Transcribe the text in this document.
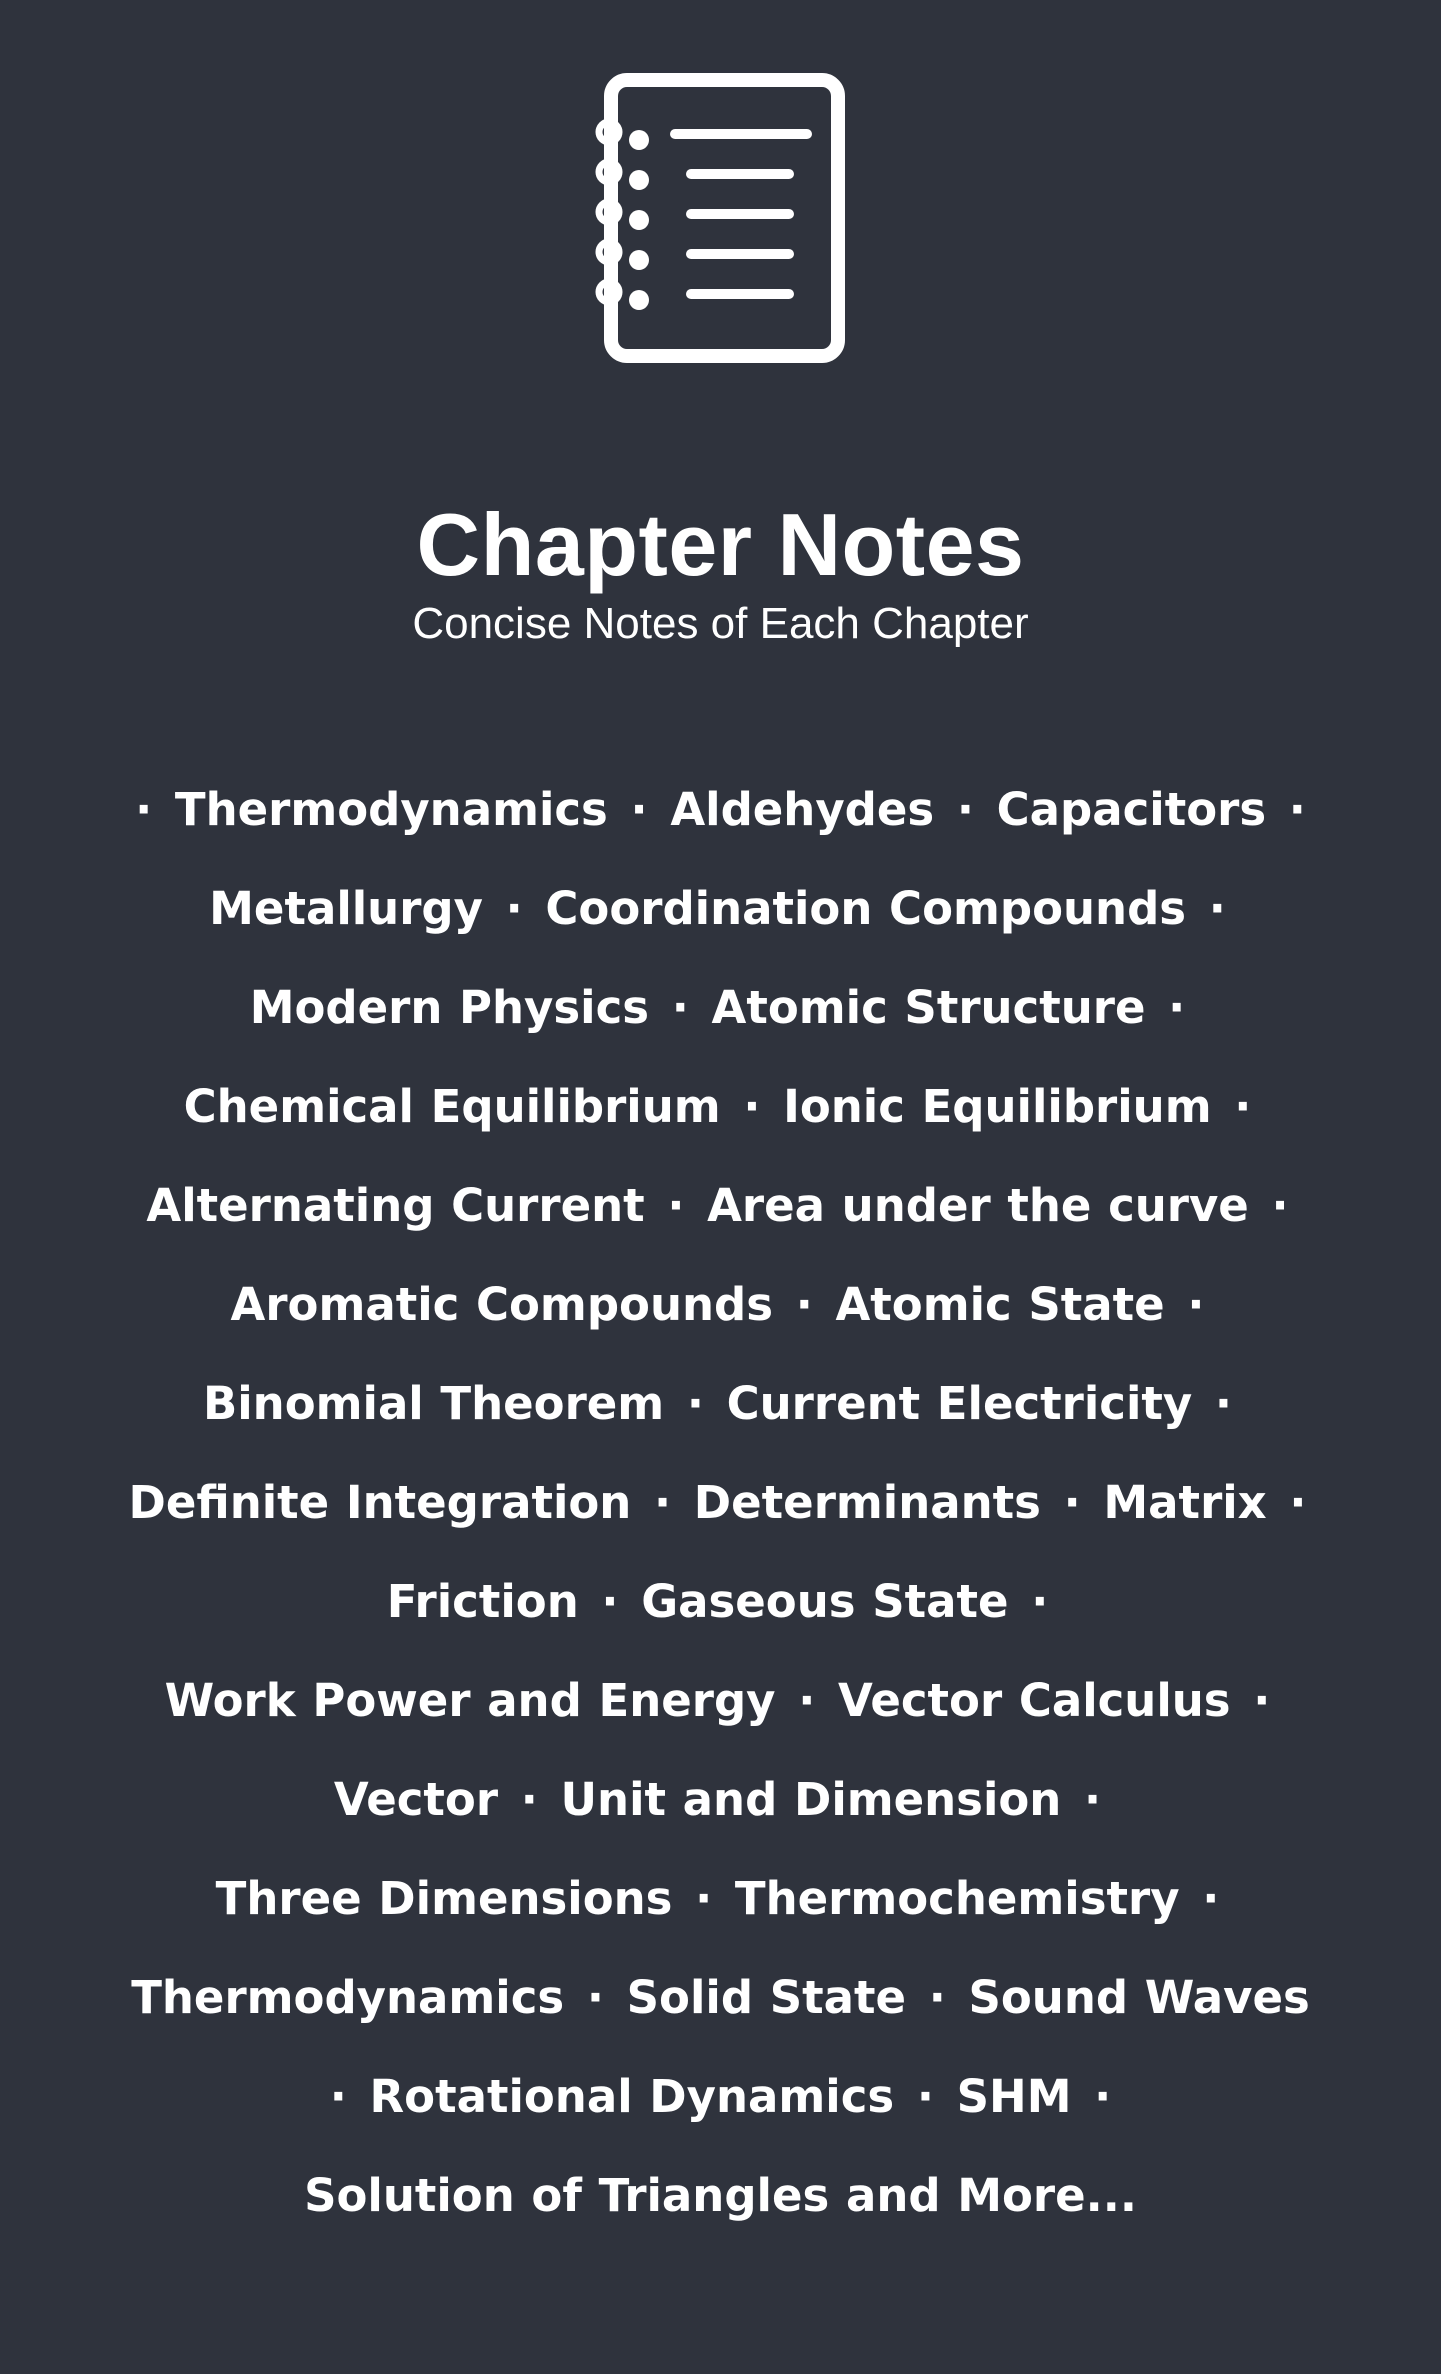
Chapter Notes

Concise Notes of Each Chapter

· Thermodynamics · Aldehydes · Capacitors · Metallurgy · Coordination Compounds · Modern Physics · Atomic Structure · Chemical Equilibrium · Ionic Equilibrium · Alternating Current · Area under the curve · Aromatic Compounds · Atomic State · Binomial Theorem · Current Electricity · Definite Integration · Determinants · Matrix · Friction · Gaseous State · Work Power and Energy · Vector Calculus · Vector · Unit and Dimension · Three Dimensions · Thermochemistry · Thermodynamics · Solid State · Sound Waves · Rotational Dynamics · SHM · Solution of Triangles and More...
